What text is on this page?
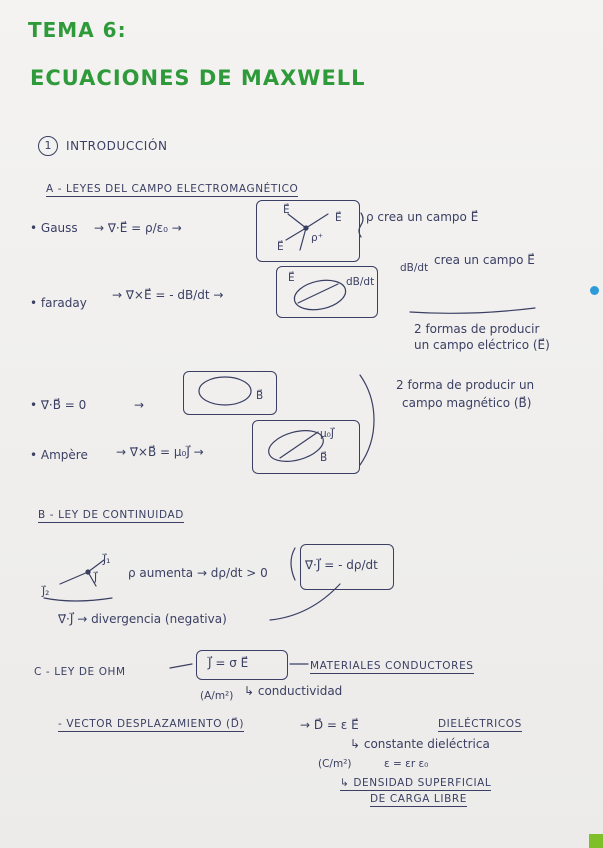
TEMA 6:
ECUACIONES DE MAXWELL
1	INTRODUCCIÓN
A - LEYES DEL CAMPO ELECTROMAGNÉTICO
• Gauss → ∇·E⃗ = ρ/ε₀ →
E⃗
E⃗
E⃗
ρ⁺
ρ crea un campo E⃗
• faraday
→ ∇⃗×E⃗ = - dB/dt →
E⃗	dB/dt
dB/dt
crea un campo E⃗
2 formas de producir
un campo eléctrico (E⃗)
• ∇⃗·B⃗ = 0	→
B⃗
• Ampère → ∇⃗×B⃗ = μ₀J⃗ →
μ₀J⃗
B⃗
2 forma de producir un
campo magnético (B⃗)
B - LEY DE CONTINUIDAD
J⃗₁
J⃗₂
J⃗	ρ aumenta → dρ/dt > 0
∇⃗·J⃗ = - dρ/dt
∇⃗·J⃗ → divergencia (negativa)
C - LEY DE OHM
J⃗ = σ E⃗	MATERIALES CONDUCTORES
(A/m²) ↳ conductividad
- VECTOR DESPLAZAMIENTO (D⃗)	→ D⃗ = ε E⃗	DIELÉCTRICOS
↳ constante dieléctrica
(C/m²)	ε = εr ε₀
↳ DENSIDAD SUPERFICIAL
DE CARGA LIBRE
